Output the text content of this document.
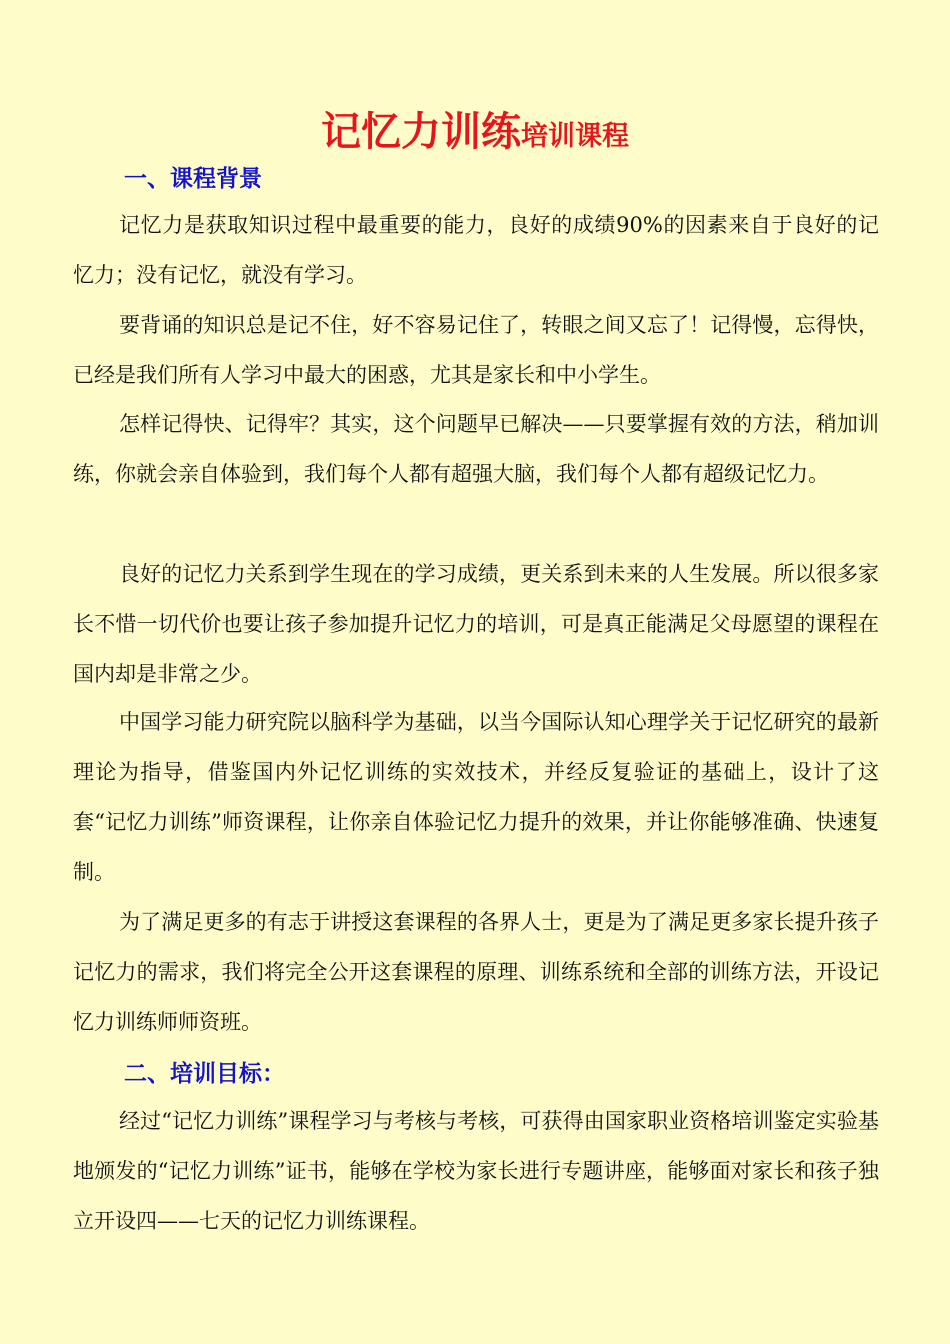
记忆力训练培训课程
一、课程背景

记忆力是获取知识过程中最重要的能力，良好的成绩90%的因素来自于良好的记忆力；没有记忆，就没有学习。

要背诵的知识总是记不住，好不容易记住了，转眼之间又忘了！记得慢，忘得快，已经是我们所有人学习中最大的困惑，尤其是家长和中小学生。

怎样记得快、记得牢？其实，这个问题早已解决——只要掌握有效的方法，稍加训练，你就会亲自体验到，我们每个人都有超强大脑，我们每个人都有超级记忆力。

良好的记忆力关系到学生现在的学习成绩，更关系到未来的人生发展。所以很多家长不惜一切代价也要让孩子参加提升记忆力的培训，可是真正能满足父母愿望的课程在国内却是非常之少。

中国学习能力研究院以脑科学为基础，以当今国际认知心理学关于记忆研究的最新理论为指导，借鉴国内外记忆训练的实效技术，并经反复验证的基础上，设计了这套“记忆力训练”师资课程，让你亲自体验记忆力提升的效果，并让你能够准确、快速复制。

为了满足更多的有志于讲授这套课程的各界人士，更是为了满足更多家长提升孩子记忆力的需求，我们将完全公开这套课程的原理、训练系统和全部的训练方法，开设记忆力训练师师资班。

二、培训目标：

经过“记忆力训练”课程学习与考核与考核，可获得由国家职业资格培训鉴定实验基地颁发的“记忆力训练”证书，能够在学校为家长进行专题讲座，能够面对家长和孩子独立开设四——七天的记忆力训练课程。
